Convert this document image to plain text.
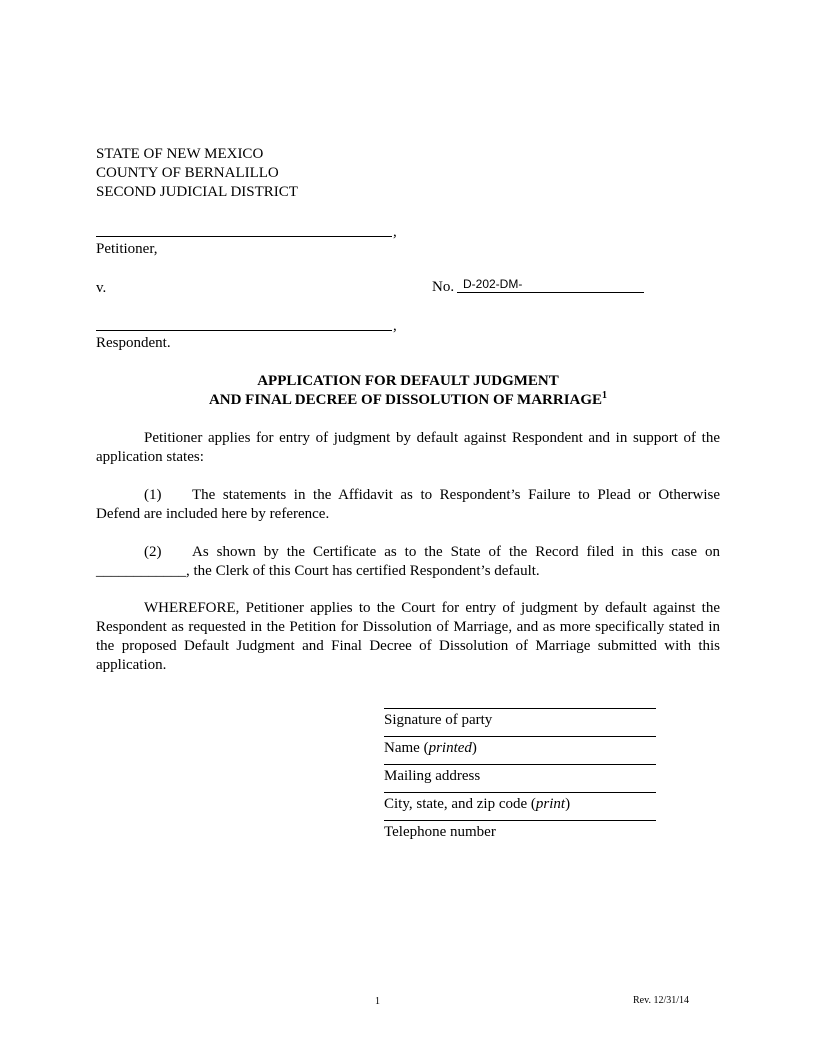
STATE OF NEW MEXICO
COUNTY OF BERNALILLO
SECOND JUDICIAL DISTRICT
,
Petitioner,
v.	No. D-202-DM-
,
Respondent.
APPLICATION FOR DEFAULT JUDGMENT
AND FINAL DECREE OF DISSOLUTION OF MARRIAGE$^1$
Petitioner applies for entry of judgment by default against Respondent and in support of the application states:
(1) The statements in the Affidavit as to Respondent’s Failure to Plead or Otherwise Defend are included here by reference.
(2) As shown by the Certificate as to the State of the Record filed in this case on ____________, the Clerk of this Court has certified Respondent’s default.
WHEREFORE, Petitioner applies to the Court for entry of judgment by default against the Respondent as requested in the Petition for Dissolution of Marriage, and as more specifically stated in the proposed Default Judgment and Final Decree of Dissolution of Marriage submitted with this application.
Signature of party
Name (printed)
Mailing address
City, state, and zip code (print)
Telephone number
1	Rev. 12/31/14
